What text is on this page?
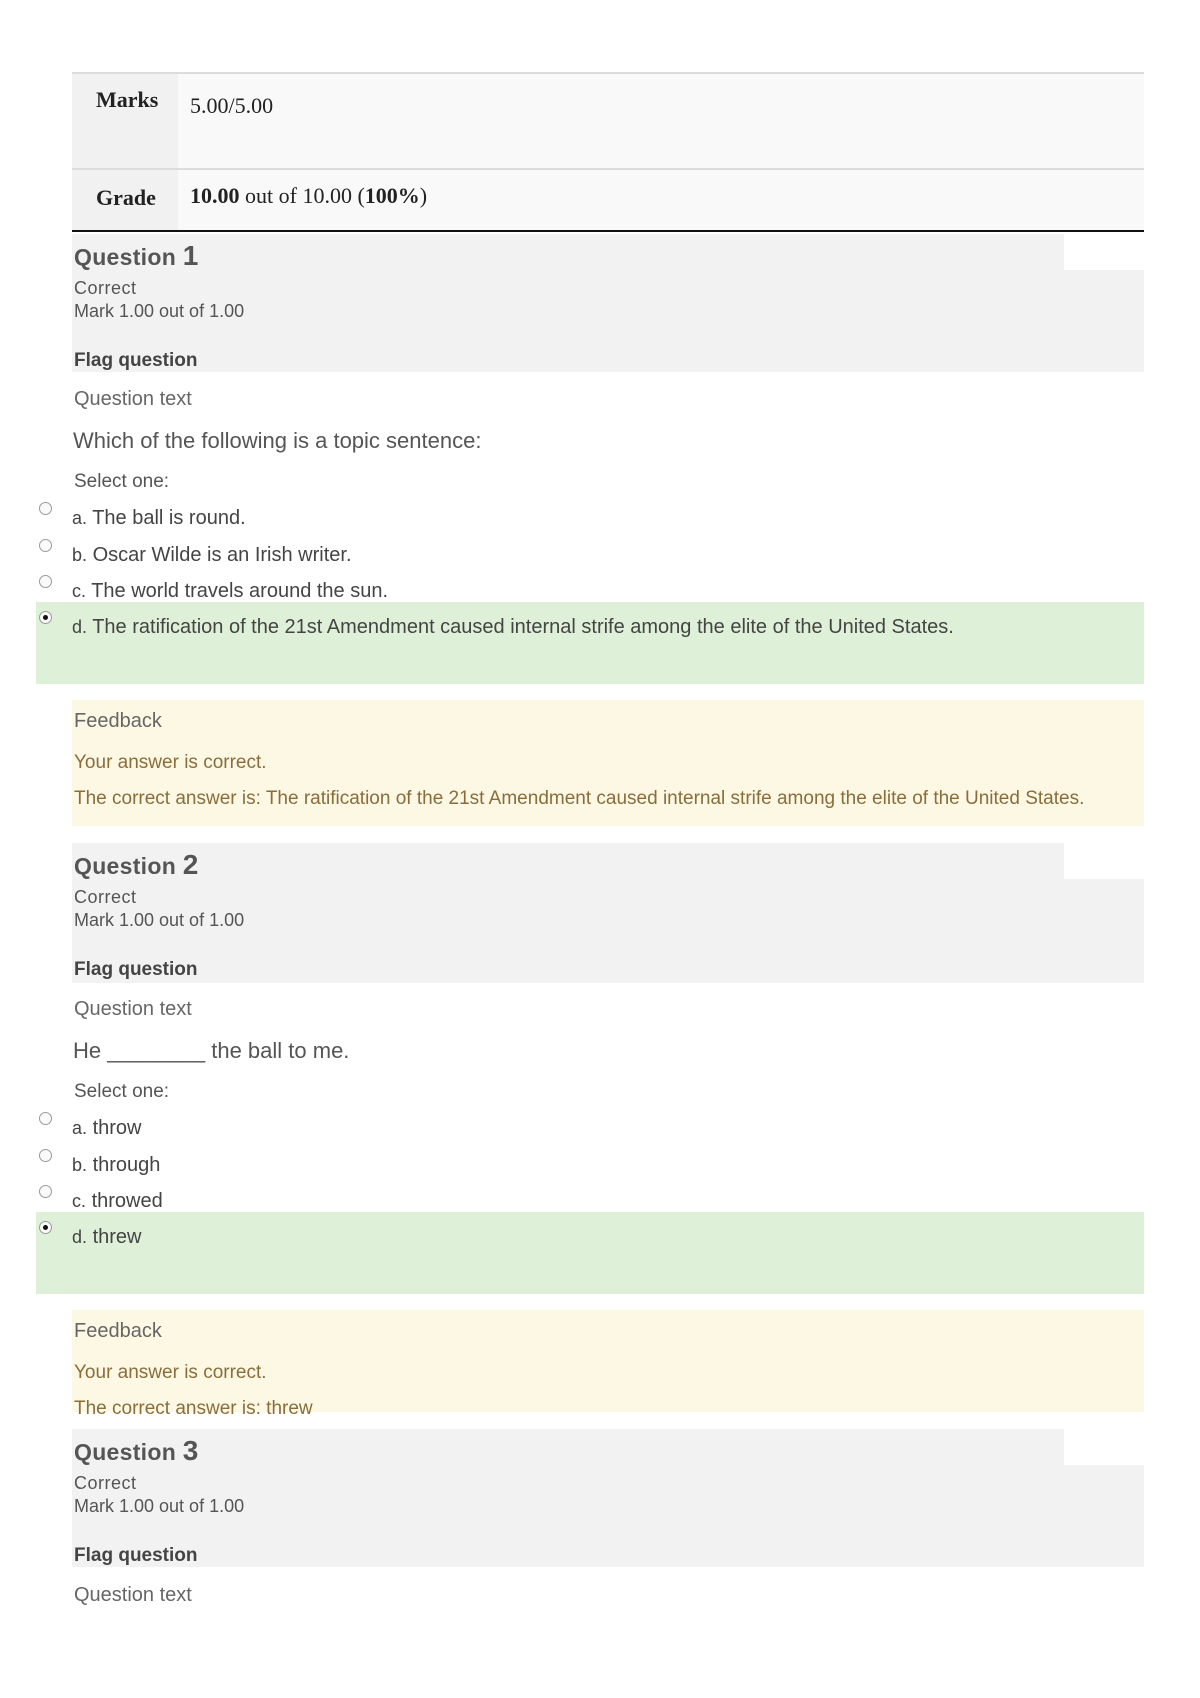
Marks	5.00/5.00
Grade	10.00 out of 10.00 (100%)
Question 1
Correct
Mark 1.00 out of 1.00
Flag question
Question text
Which of the following is a topic sentence:
Select one:
a. The ball is round.
b. Oscar Wilde is an Irish writer.
c. The world travels around the sun.
d. The ratification of the 21st Amendment caused internal strife among the elite of the United States.
Feedback
Your answer is correct.
The correct answer is: The ratification of the 21st Amendment caused internal strife among the elite of the United States.
Question 2
Correct
Mark 1.00 out of 1.00
Flag question
Question text
He ________ the ball to me.
Select one:
a. throw
b. through
c. throwed
d. threw
Feedback
Your answer is correct.
The correct answer is: threw
Question 3
Correct
Mark 1.00 out of 1.00
Flag question
Question text
